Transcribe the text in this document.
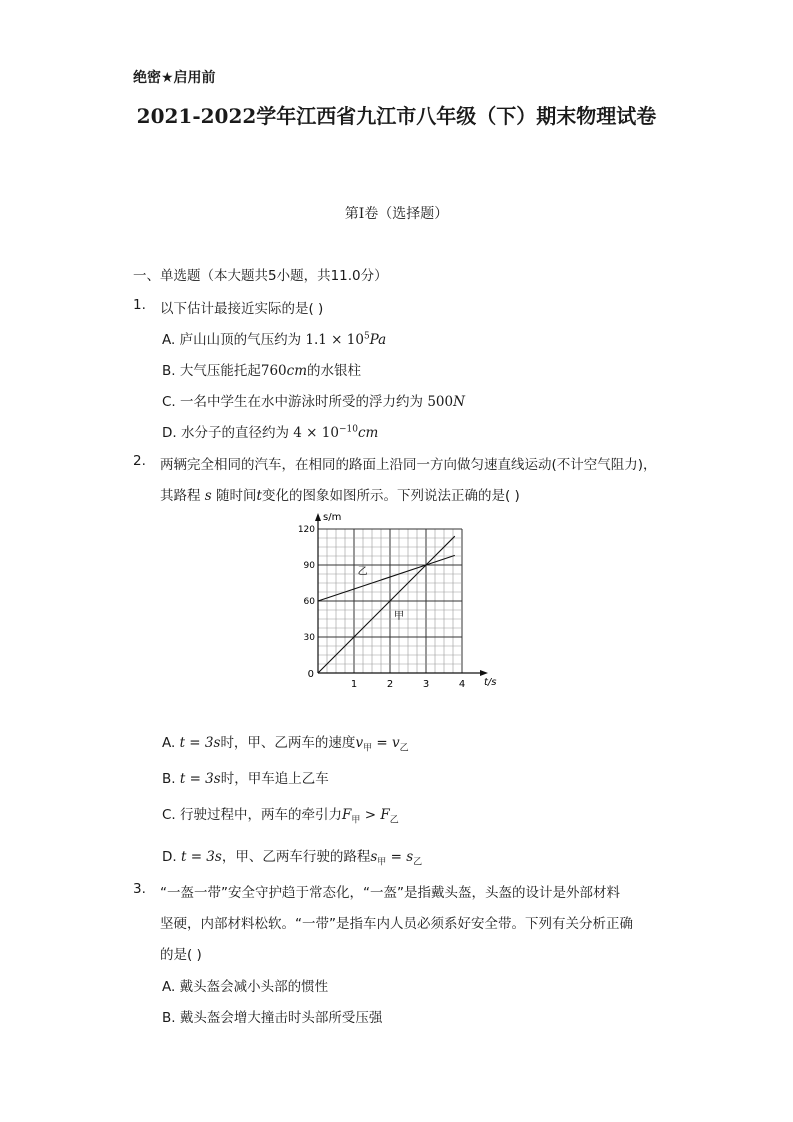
绝密★启用前
2021-2022学年江西省九江市八年级（下）期末物理试卷
第I卷（选择题）
一、单选题（本大题共5小题，共11.0分）
1. 以下估计最接近实际的是( )
A. 庐山山顶的气压约为 $1.1 \times 10^5Pa$
B. 大气压能托起760cm的水银柱
C. 一名中学生在水中游泳时所受的浮力约为 500N
D. 水分子的直径约为 $4 \times 10^{-10}cm$
2. 两辆完全相同的汽车，在相同的路面上沿同一方向做匀速直线运动(不计空气阻力)，
其路程 s 随时间t变化的图象如图所示。下列说法正确的是( )
1	2	3	4
30
60
90
120
0
t/s
s/m
甲
乙
A. t = 3s时，甲、乙两车的速度$v_甲 = v_乙$
B. t = 3s时，甲车追上乙车
C. 行驶过程中，两车的牵引力$F_甲 > F_乙$
D. t = 3s，甲、乙两车行驶的路程$s_甲 = s_乙$
3. “一盔一带”安全守护趋于常态化，“一盔”是指戴头盔，头盔的设计是外部材料
坚硬，内部材料松软。“一带”是指车内人员必须系好安全带。下列有关分析正确
的是( )
A. 戴头盔会减小头部的惯性
B. 戴头盔会增大撞击时头部所受压强
